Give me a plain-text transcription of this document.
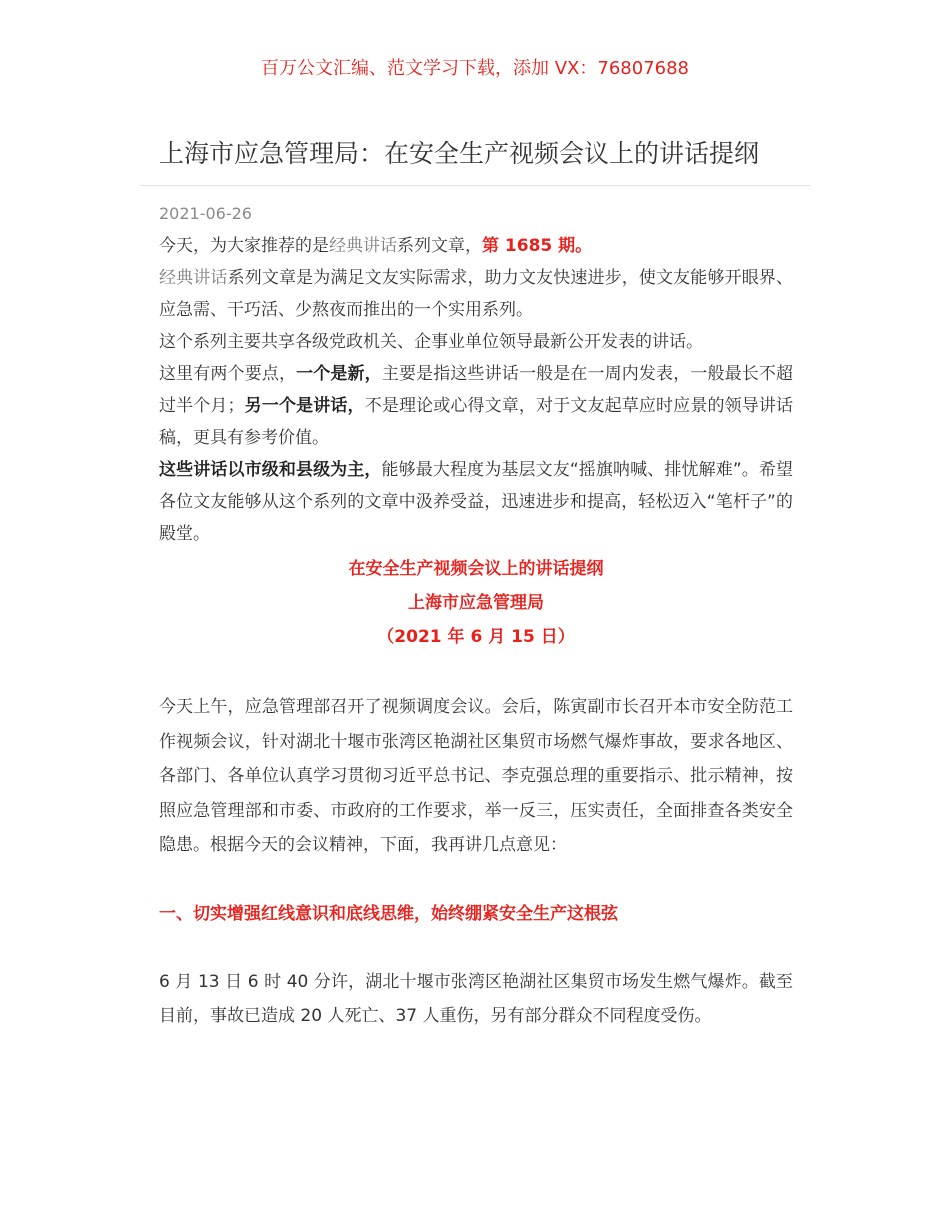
百万公文汇编、范文学习下载，添加 VX：76807688
上海市应急管理局：在安全生产视频会议上的讲话提纲
2021-06-26

今天，为大家推荐的是经典讲话系列文章，第 1685 期。

经典讲话系列文章是为满足文友实际需求，助力文友快速进步，使文友能够开眼界、应急需、干巧活、少熬夜而推出的一个实用系列。

这个系列主要共享各级党政机关、企事业单位领导最新公开发表的讲话。

这里有两个要点，一个是新，主要是指这些讲话一般是在一周内发表，一般最长不超过半个月；另一个是讲话，不是理论或心得文章，对于文友起草应时应景的领导讲话稿，更具有参考价值。

这些讲话以市级和县级为主，能够最大程度为基层文友“摇旗呐喊、排忧解难”。希望各位文友能够从这个系列的文章中汲养受益，迅速进步和提高，轻松迈入“笔杆子”的殿堂。

在安全生产视频会议上的讲话提纲

上海市应急管理局

（2021 年 6 月 15 日）

今天上午，应急管理部召开了视频调度会议。会后，陈寅副市长召开本市安全防范工作视频会议，针对湖北十堰市张湾区艳湖社区集贸市场燃气爆炸事故，要求各地区、各部门、各单位认真学习贯彻习近平总书记、李克强总理的重要指示、批示精神，按照应急管理部和市委、市政府的工作要求，举一反三，压实责任，全面排查各类安全隐患。根据今天的会议精神，下面，我再讲几点意见：

一、切实增强红线意识和底线思维，始终绷紧安全生产这根弦

6 月 13 日 6 时 40 分许，湖北十堰市张湾区艳湖社区集贸市场发生燃气爆炸。截至目前，事故已造成 20 人死亡、37 人重伤，另有部分群众不同程度受伤。
